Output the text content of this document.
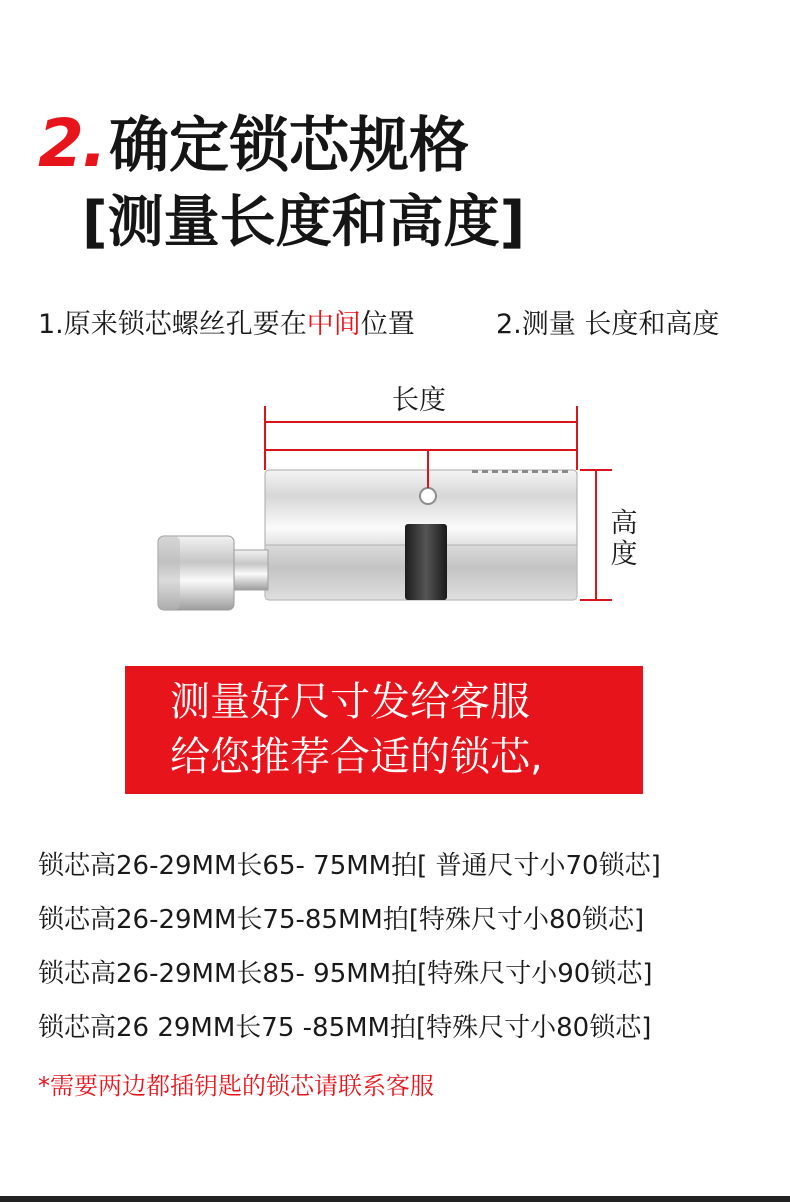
2. 确定锁芯规格
[测量长度和高度]
1.原来锁芯螺丝孔要在中间位置	2.测量 长度和高度
长度
高
度
测量好尺寸发给客服
给您推荐合适的锁芯,
锁芯高26-29MM长65- 75MM拍[ 普通尺寸小70锁芯]
锁芯高26-29MM长75-85MM拍[特殊尺寸小80锁芯]
锁芯高26-29MM长85- 95MM拍[特殊尺寸小90锁芯]
锁芯高26 29MM长75 -85MM拍[特殊尺寸小80锁芯]
*需要两边都插钥匙的锁芯请联系客服
